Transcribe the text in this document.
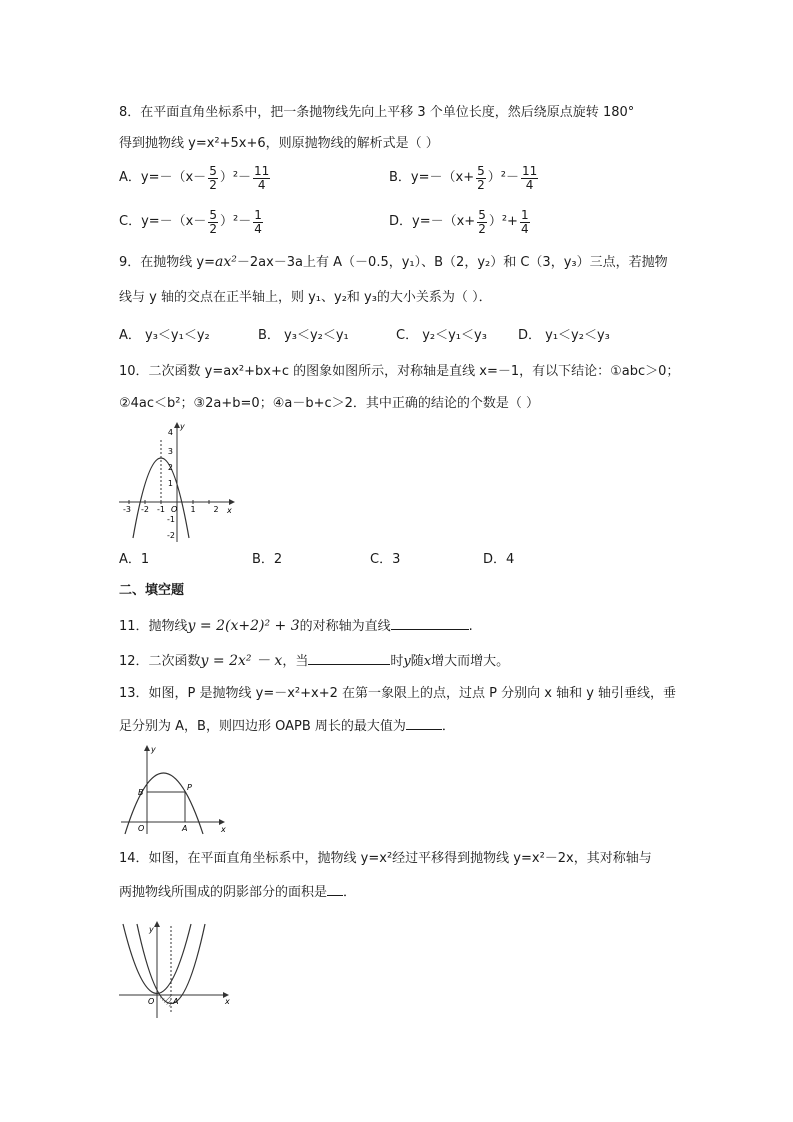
8．在平面直角坐标系中，把一条抛物线先向上平移 3 个单位长度，然后绕原点旋转 180°
得到抛物线 y=x²+5x+6，则原抛物线的解析式是（ ）
A．$y=-(x- \frac{5}{2} )^2- \frac{11}{4}$	B．$y=-(x+ \frac{5}{2} )^2- \frac{11}{4}$
C．$y=-(x- \frac{5}{2} )^2- \frac{1}{4}$	D．$y=-(x+ \frac{5}{2} )^2+ \frac{1}{4}$
9．在抛物线 y=ax²－2ax－3a上有 A（－0.5，y₁）、B（2，y₂）和 C（3，y₃）三点，若抛物
线与 y 轴的交点在正半轴上，则 y₁、y₂和 y₃的大小关系为（ ）．
A． y₃＜y₁＜y₂	B． y₃＜y₂＜y₁	C． y₂＜y₁＜y₃ D． y₁＜y₂＜y₃
10．二次函数 y=ax²+bx+c 的图象如图所示，对称轴是直线 x=－1，有以下结论：①abc＞0；
②4ac＜b²；③2a+b=0；④a－b+c＞2．其中正确的结论的个数是（ ）
-3 -2 -1	1 2 x
O
4
3
2
1
-1
-2
y
A．1	B．2	C．3	D．4
二、填空题
11．抛物线y = 2(x+2)² + 3的对称轴为直线	.
12．二次函数y = 2x² － x，当	时y随x增大而增大。
13．如图，P 是抛物线 y=－x²+x+2 在第一象限上的点，过点 P 分别向 x 轴和 y 轴引垂线，垂
足分别为 A，B，则四边形 OAPB 周长的最大值为	．
y
x
O	A
B
P
14．如图，在平面直角坐标系中，抛物线 y=x²经过平移得到抛物线 y=x²－2x，其对称轴与
两抛物线所围成的阴影部分的面积是 ．
y
x
O A
